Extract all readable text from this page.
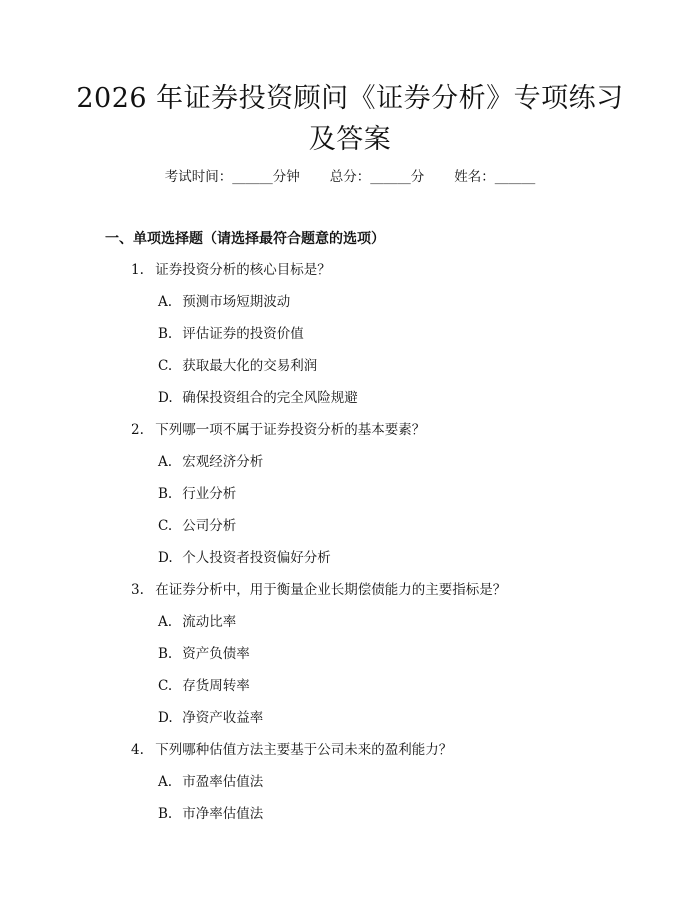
2026 年证券投资顾问《证券分析》专项练习
及答案
考试时间：______分钟 总分：______分 姓名：______
一、单项选择题（请选择最符合题意的选项）
1. 证券投资分析的核心目标是？
A. 预测市场短期波动
B. 评估证券的投资价值
C. 获取最大化的交易利润
D. 确保投资组合的完全风险规避
2. 下列哪一项不属于证券投资分析的基本要素？
A. 宏观经济分析
B. 行业分析
C. 公司分析
D. 个人投资者投资偏好分析
3. 在证券分析中，用于衡量企业长期偿债能力的主要指标是？
A. 流动比率
B. 资产负债率
C. 存货周转率
D. 净资产收益率
4. 下列哪种估值方法主要基于公司未来的盈利能力？
A. 市盈率估值法
B. 市净率估值法
